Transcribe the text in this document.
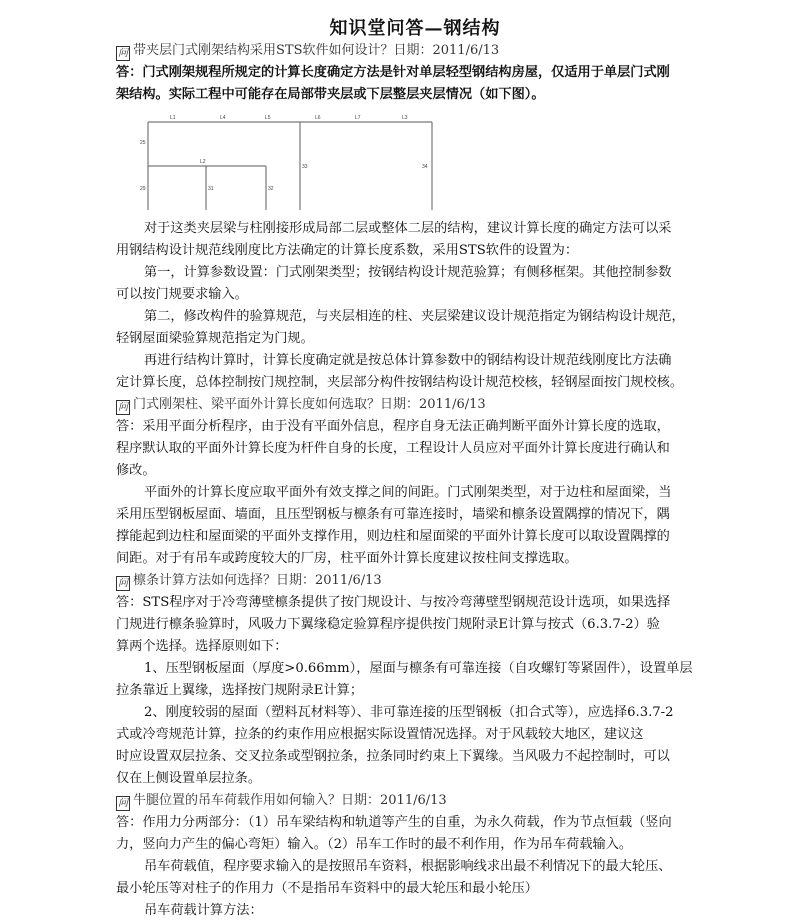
知识堂问答—钢结构

问 带夹层门式刚架结构采用STS软件如何设计？日期：2011/6/13

答：门式刚架规程所规定的计算长度确定方法是针对单层轻型钢结构房屋，仅适用于单层门式刚

架结构。实际工程中可能存在局部带夹层或下层整层夹层情况（如下图）。

L1	L4	L5	L6	L7	L3
L2
25
29	31	32
33	34

对于这类夹层梁与柱刚接形成局部二层或整体二层的结构，建议计算长度的确定方法可以采

用钢结构设计规范线刚度比方法确定的计算长度系数，采用STS软件的设置为：

第一，计算参数设置：门式刚架类型；按钢结构设计规范验算；有侧移框架。其他控制参数

可以按门规要求输入。

第二，修改构件的验算规范，与夹层相连的柱、夹层梁建议设计规范指定为钢结构设计规范，

轻钢屋面梁验算规范指定为门规。

再进行结构计算时，计算长度确定就是按总体计算参数中的钢结构设计规范线刚度比方法确

定计算长度，总体控制按门规控制，夹层部分构件按钢结构设计规范校核，轻钢屋面按门规校核。

问 门式刚架柱、梁平面外计算长度如何选取？日期：2011/6/13

答：采用平面分析程序，由于没有平面外信息，程序自身无法正确判断平面外计算长度的选取，

程序默认取的平面外计算长度为杆件自身的长度，工程设计人员应对平面外计算长度进行确认和

修改。

平面外的计算长度应取平面外有效支撑之间的间距。门式刚架类型，对于边柱和屋面梁，当

采用压型钢板屋面、墙面，且压型钢板与檩条有可靠连接时，墙梁和檩条设置隅撑的情况下，隅

撑能起到边柱和屋面梁的平面外支撑作用，则边柱和屋面梁的平面外计算长度可以取设置隅撑的

间距。对于有吊车或跨度较大的厂房，柱平面外计算长度建议按柱间支撑选取。

问 檩条计算方法如何选择？日期：2011/6/13

答：STS程序对于冷弯薄壁檩条提供了按门规设计、与按冷弯薄壁型钢规范设计选项，如果选择

门规进行檩条验算时，风吸力下翼缘稳定验算程序提供按门规附录E计算与按式（6.3.7-2）验

算两个选择。选择原则如下：

1、压型钢板屋面（厚度>0.66mm），屋面与檩条有可靠连接（自攻螺钉等紧固件），设置单层

拉条靠近上翼缘，选择按门规附录E计算；

2、刚度较弱的屋面（塑料瓦材料等）、非可靠连接的压型钢板（扣合式等），应选择6.3.7-2

式或冷弯规范计算，拉条的约束作用应根据实际设置情况选择。对于风载较大地区，建议这

时应设置双层拉条、交叉拉条或型钢拉条，拉条同时约束上下翼缘。当风吸力不起控制时，可以

仅在上侧设置单层拉条。

问 牛腿位置的吊车荷载作用如何输入？日期：2011/6/13

答：作用力分两部分：（1）吊车梁结构和轨道等产生的自重，为永久荷载，作为节点恒载（竖向

力，竖向力产生的偏心弯矩）输入。（2）吊车工作时的最不利作用，作为吊车荷载输入。

吊车荷载值，程序要求输入的是按照吊车资料，根据影响线求出最不利情况下的最大轮压、

最小轮压等对柱子的作用力（不是指吊车资料中的最大轮压和最小轮压）

吊车荷载计算方法：
